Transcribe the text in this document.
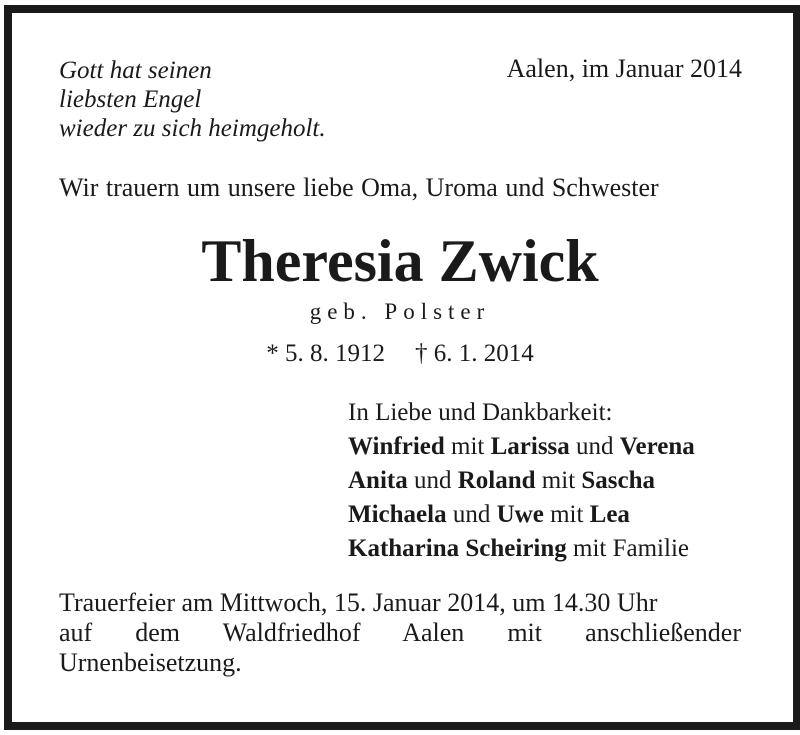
Gott hat seinen
liebsten Engel
wieder zu sich heimgeholt.
Aalen, im Januar 2014
Wir trauern um unsere liebe Oma, Uroma und Schwester
Theresia Zwick
geb. Polster
* 5. 8. 1912 † 6. 1. 2014
In Liebe und Dankbarkeit:
Winfried mit Larissa und Verena
Anita und Roland mit Sascha
Michaela und Uwe mit Lea
Katharina Scheiring mit Familie
Trauerfeier am Mittwoch, 15. Januar 2014, um 14.30 Uhr
auf dem Waldfriedhof Aalen mit anschließender
Urnenbeisetzung.
